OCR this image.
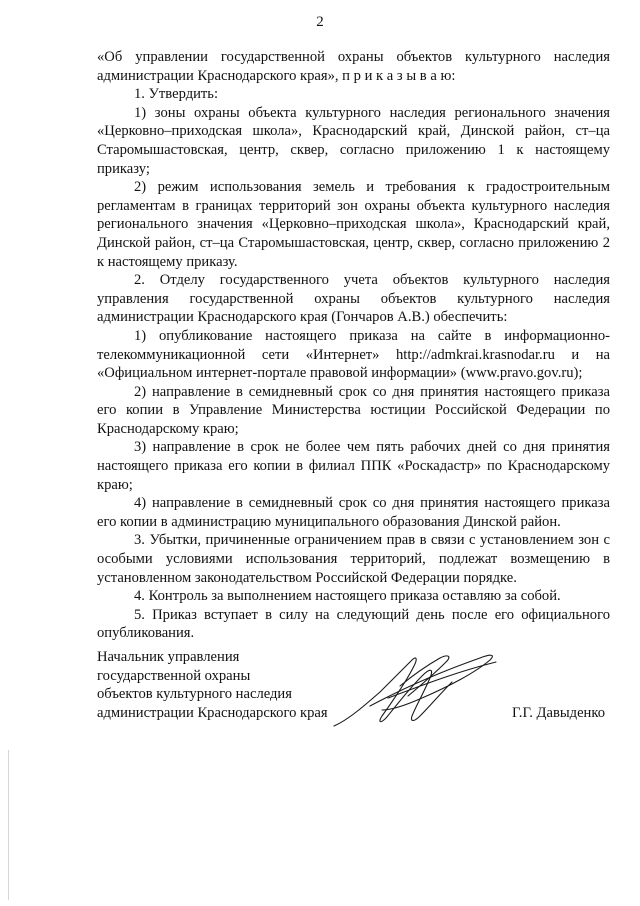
2

«Об управлении государственной охраны объектов культурного наследия администрации Краснодарского края», п р и к а з ы в а ю:

1. Утвердить:

1) зоны охраны объекта культурного наследия регионального значения «Церковно–приходская школа», Краснодарский край, Динской район, ст–ца Старомышастовская, центр, сквер, согласно приложению 1 к настоящему приказу;

2) режим использования земель и требования к градостроительным регламентам в границах территорий зон охраны объекта культурного наследия регионального значения «Церковно–приходская школа», Краснодарский край, Динской район, ст–ца Старомышастовская, центр, сквер, согласно приложению 2 к настоящему приказу.

2. Отделу государственного учета объектов культурного наследия управления государственной охраны объектов культурного наследия администрации Краснодарского края (Гончаров А.В.) обеспечить:

1) опубликование настоящего приказа на сайте в информационно-телекоммуникационной сети «Интернет» http://admkrai.krasnodar.ru и на «Официальном интернет-портале правовой информации» (www.pravo.gov.ru);

2) направление в семидневный срок со дня принятия настоящего приказа его копии в Управление Министерства юстиции Российской Федерации по Краснодарскому краю;

3) направление в срок не более чем пять рабочих дней со дня принятия настоящего приказа его копии в филиал ППК «Роскадастр» по Краснодарскому краю;

4) направление в семидневный срок со дня принятия настоящего приказа его копии в администрацию муниципального образования Динской район.

3. Убытки, причиненные ограничением прав в связи с установлением зон с особыми условиями использования территорий, подлежат возмещению в установленном законодательством Российской Федерации порядке.

4. Контроль за выполнением настоящего приказа оставляю за собой.

5. Приказ вступает в силу на следующий день после его официального опубликования.

Начальник управления
государственной охраны
объектов культурного наследия
администрации Краснодарского края	Г.Г. Давыденко
